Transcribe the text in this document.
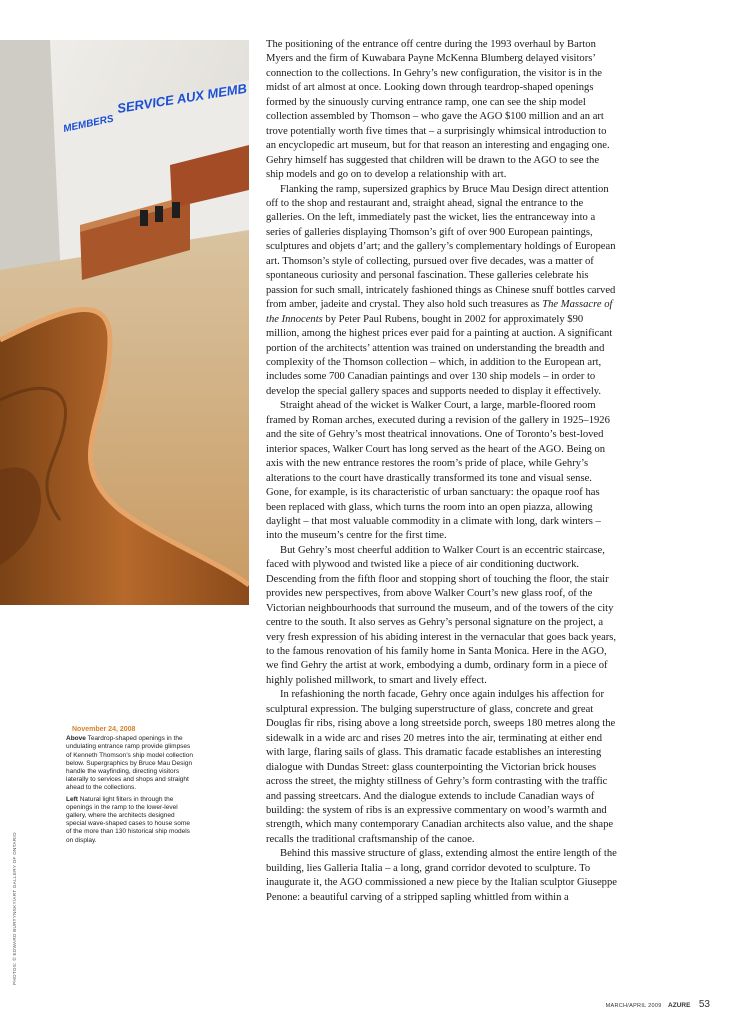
SERVICE AUX MEMB
MEMBERS
November 24, 2008

Above Teardrop-shaped openings in the undulating entrance ramp provide glimpses of Kenneth Thomson’s ship model collection below. Supergraphics by Bruce Mau Design handle the wayfinding, directing visitors laterally to services and shops and straight ahead to the collections.

Left Natural light filters in through the openings in the ramp to the lower-level gallery, where the architects designed special wave-shaped cases to house some of the more than 130 historical ship models on display.

PHOTOS: © EDWARD BURTYNSKY/ART GALLERY OF ONTARIO

The positioning of the entrance off centre during the 1993 overhaul by Barton Myers and the firm of Kuwabara Payne McKenna Blumberg delayed visitors’ connection to the collections. In Gehry’s new configuration, the visitor is in the midst of art almost at once. Looking down through teardrop-shaped openings formed by the sinuously curving entrance ramp, one can see the ship model collection assembled by Thomson – who gave the AGO $100 million and an art trove potentially worth five times that – a surprisingly whimsical introduction to an encyclopedic art museum, but for that reason an interesting and engaging one. Gehry himself has suggested that children will be drawn to the AGO to see the ship models and go on to develop a relationship with art.

Flanking the ramp, supersized graphics by Bruce Mau Design direct attention off to the shop and restaurant and, straight ahead, signal the entrance to the galleries. On the left, immediately past the wicket, lies the entranceway into a series of galleries displaying Thomson’s gift of over 900 European paintings, sculptures and objets d’art; and the gallery’s complementary holdings of European art. Thomson’s style of collecting, pursued over five decades, was a matter of spontaneous curiosity and personal fascination. These galleries celebrate his passion for such small, intricately fashioned things as Chinese snuff bottles carved from amber, jadeite and crystal. They also hold such treasures as The Massacre of the Innocents by Peter Paul Rubens, bought in 2002 for approximately $90 million, among the highest prices ever paid for a painting at auction. A significant portion of the architects’ attention was trained on understanding the breadth and complexity of the Thomson collection – which, in addition to the European art, includes some 700 Canadian paintings and over 130 ship models – in order to develop the special gallery spaces and supports needed to display it effectively.

Straight ahead of the wicket is Walker Court, a large, marble-floored room framed by Roman arches, executed during a revision of the gallery in 1925–1926 and the site of Gehry’s most theatrical innovations. One of Toronto’s best-loved interior spaces, Walker Court has long served as the heart of the AGO. Being on axis with the new entrance restores the room’s pride of place, while Gehry’s alterations to the court have drastically transformed its tone and visual sense. Gone, for example, is its characteristic of urban sanctuary: the opaque roof has been replaced with glass, which turns the room into an open piazza, allowing daylight – that most valuable commodity in a climate with long, dark winters – into the museum’s centre for the first time.

But Gehry’s most cheerful addition to Walker Court is an eccentric staircase, faced with plywood and twisted like a piece of air conditioning ductwork. Descending from the fifth floor and stopping short of touching the floor, the stair provides new perspectives, from above Walker Court’s new glass roof, of the Victorian neighbourhoods that surround the museum, and of the towers of the city centre to the south. It also serves as Gehry’s personal signature on the project, a very fresh expression of his abiding interest in the vernacular that goes back years, to the famous renovation of his family home in Santa Monica. Here in the AGO, we find Gehry the artist at work, embodying a dumb, ordinary form in a piece of highly polished millwork, to smart and lively effect.

In refashioning the north facade, Gehry once again indulges his affection for sculptural expression. The bulging superstructure of glass, concrete and great Douglas fir ribs, rising above a long streetside porch, sweeps 180 metres along the sidewalk in a wide arc and rises 20 metres into the air, terminating at either end with large, flaring sails of glass. This dramatic facade establishes an interesting dialogue with Dundas Street: glass counterpointing the Victorian brick houses across the street, the mighty stillness of Gehry’s form contrasting with the traffic and passing streetcars. And the dialogue extends to include Canadian ways of building: the system of ribs is an expressive commentary on wood’s warmth and strength, which many contemporary Canadian architects also value, and the shape recalls the traditional craftsmanship of the canoe.

Behind this massive structure of glass, extending almost the entire length of the building, lies Galleria Italia – a long, grand corridor devoted to sculpture. To inaugurate it, the AGO commissioned a new piece by the Italian sculptor Giuseppe Penone: a beautiful carving of a stripped sapling whittled from within a

MARCH/APRIL 2009 AZURE 53
